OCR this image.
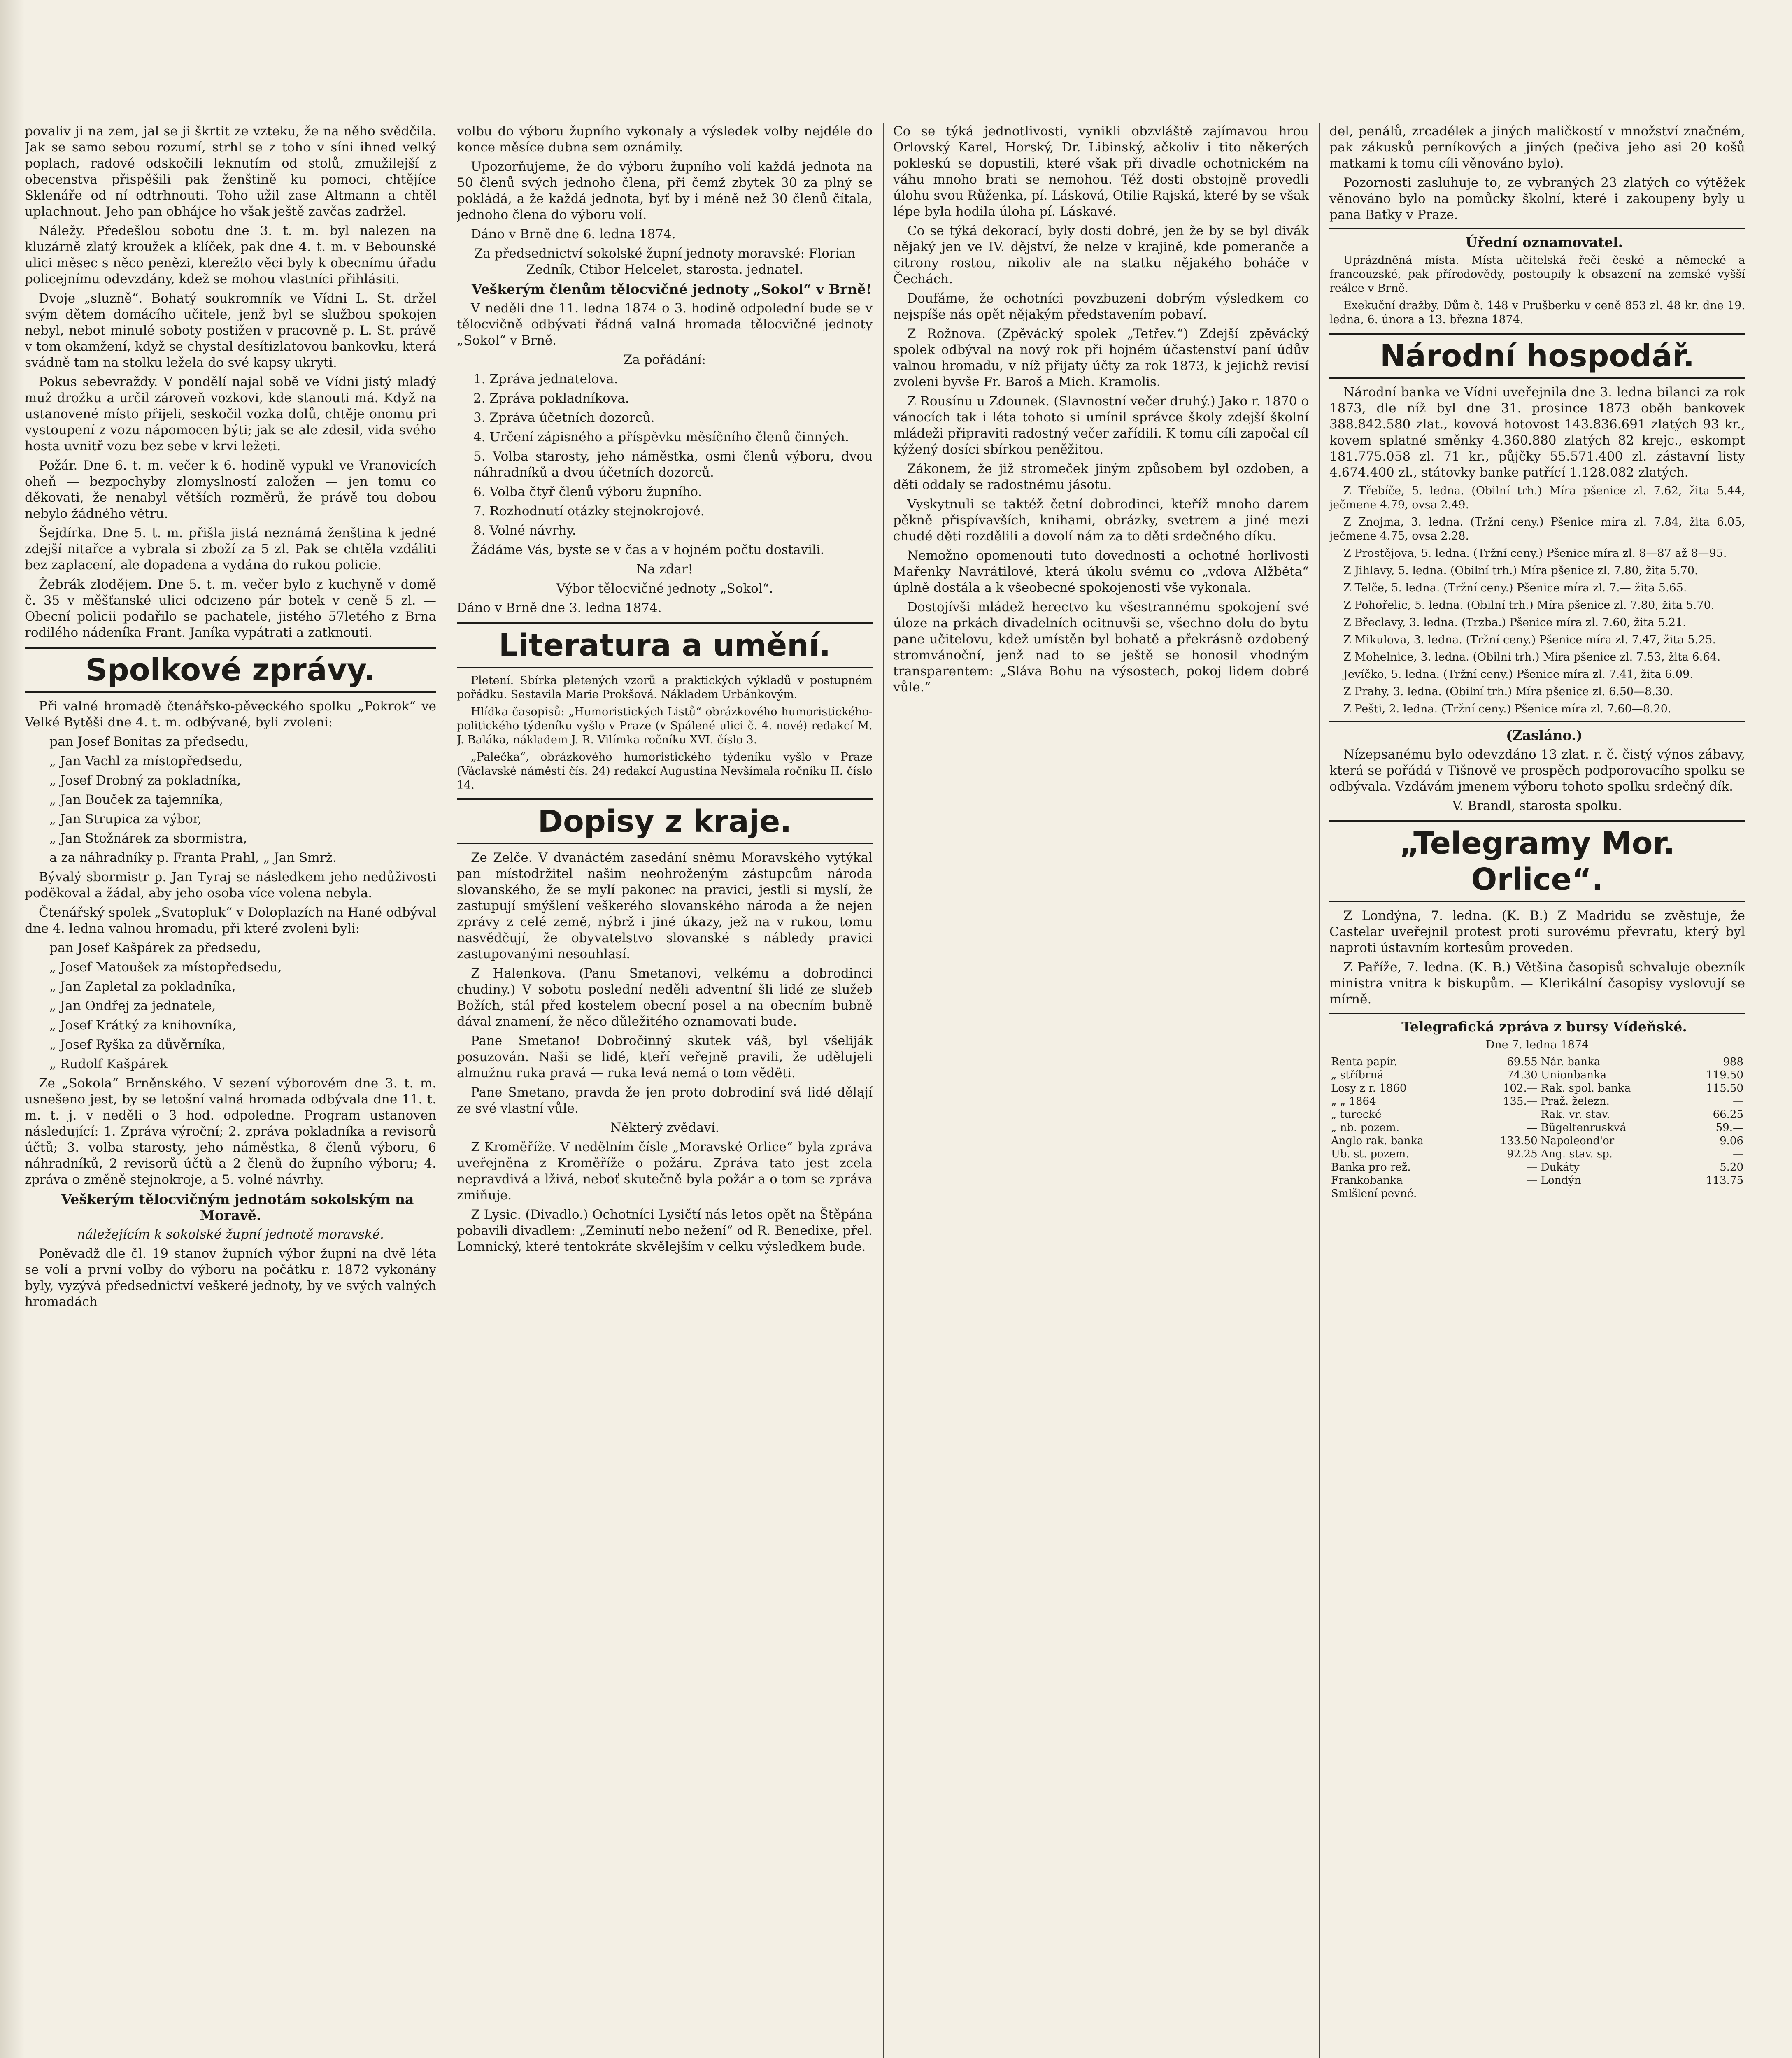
povaliv ji na zem, jal se ji škrtit ze vzteku, že na něho svědčila. Jak se samo sebou rozumí, strhl se z toho v síni ihned velký poplach, radové odskočili leknutím od stolů, zmužilejší z obecenstva přispěšili pak ženštině ku pomoci, chtějíce Sklenáře od ní odtrhnouti. Toho užil zase Altmann a chtěl uplachnout. Jeho pan obhájce ho však ještě zavčas zadržel.

Náležy. Předešlou sobotu dne 3. t. m. byl nalezen na kluzárně zlatý kroužek a klíček, pak dne 4. t. m. v Bebounské ulici měsec s něco penězi, kterežto věci byly k obecnímu úřadu policejnímu odevzdány, kdež se mohou vlastníci přihlásiti.

Dvoje „sluzně“. Bohatý soukromník ve Vídni L. St. držel svým dětem domácího učitele, jenž byl se službou spokojen nebyl, nebot minulé soboty postižen v pracovně p. L. St. právě v tom okamžení, když se chystal desítizlatovou bankovku, která svádně tam na stolku ležela do své kapsy ukryti.

Pokus sebevraždy. V pondělí najal sobě ve Vídni jistý mladý muž drožku a určil zároveň vozkovi, kde stanouti má. Když na ustanovené místo přijeli, seskočil vozka dolů, chtěje onomu pri vystoupení z vozu nápomocen býti; jak se ale zdesil, vida svého hosta uvnitř vozu bez sebe v krvi ležeti.

Požár. Dne 6. t. m. večer k 6. hodině vypukl ve Vranovicích oheň — bezpochyby zlomyslností založen — jen tomu co děkovati, že nenabyl větších rozměrů, že právě tou dobou nebylo žádného větru.

Šejdírka. Dne 5. t. m. přišla jistá neznámá ženština k jedné zdejší nitařce a vybrala si zboží za 5 zl. Pak se chtěla vzdáliti bez zaplacení, ale dopadena a vydána do rukou policie.

Žebrák zlodějem. Dne 5. t. m. večer bylo z kuchyně v domě č. 35 v měšťanské ulici odcizeno pár botek v ceně 5 zl. — Obecní policii podařilo se pachatele, jistého 57letého z Brna rodilého nádeníka Frant. Janíka vypátrati a zatknouti.

Spolkové zprávy.

Při valné hromadě čtenářsko-pěveckého spolku „Pokrok“ ve Velké Bytěši dne 4. t. m. odbývané, byli zvoleni:

pan Josef Bonitas za předsedu,

„ Jan Vachl za místopředsedu,

„ Josef Drobný za pokladníka,

„ Jan Bouček za tajemníka,

„ Jan Strupica za výbor,

„ Jan Stožnárek za sbormistra,

a za náhradníky p. Franta Prahl, „ Jan Smrž.

Bývalý sbormistr p. Jan Tyraj se následkem jeho nedůživosti poděkoval a žádal, aby jeho osoba více volena nebyla.

Čtenářský spolek „Svatopluk“ v Doloplazích na Hané odbýval dne 4. ledna valnou hromadu, při které zvoleni byli:

pan Josef Kašpárek za předsedu,

„ Josef Matoušek za místopředsedu,

„ Jan Zapletal za pokladníka,

„ Jan Ondřej za jednatele,

„ Josef Krátký za knihovníka,

„ Josef Ryška za důvěrníka,

„ Rudolf Kašpárek

Ze „Sokola“ Brněnského. V sezení výborovém dne 3. t. m. usnešeno jest, by se letošní valná hromada odbývala dne 11. t. m. t. j. v neděli o 3 hod. odpoledne. Program ustanoven následující: 1. Zpráva výroční; 2. zpráva pokladníka a revisorů účtů; 3. volba starosty, jeho náměstka, 8 členů výboru, 6 náhradníků, 2 revisorů účtů a 2 členů do župního výboru; 4. zpráva o změně stejnokroje, a 5. volné návrhy.

Veškerým tělocvičným jednotám sokolským na Moravě.

náležejícím k sokolské župní jednotě moravské.

Poněvadž dle čl. 19 stanov župních výbor župní na dvě léta se volí a první volby do výboru na počátku r. 1872 vykonány byly, vyzývá předsednictví veškeré jednoty, by ve svých valných hromadách

volbu do výboru župního vykonaly a výsledek volby nejdéle do konce měsíce dubna sem oznámily.

Upozorňujeme, že do výboru župního volí každá jednota na 50 členů svých jednoho člena, při čemž zbytek 30 za plný se pokládá, a že každá jednota, byť by i méně než 30 členů čítala, jednoho člena do výboru volí.

Dáno v Brně dne 6. ledna 1874.

Za předsednictví sokolské župní jednoty moravské: Florian Zedník, Ctibor Helcelet, starosta. jednatel.

Veškerým členům tělocvičné jednoty „Sokol“ v Brně!

V neděli dne 11. ledna 1874 o 3. hodině odpolední bude se v tělocvičně odbývati řádná valná hromada tělocvičné jednoty „Sokol“ v Brně.

Za pořádání:

1. Zpráva jednatelova.

2. Zpráva pokladníkova.

3. Zpráva účetních dozorců.

4. Určení zápisného a příspěvku měsíčního členů činných.

5. Volba starosty, jeho náměstka, osmi členů výboru, dvou náhradníků a dvou účetních dozorců.

6. Volba čtyř členů výboru župního.

7. Rozhodnutí otázky stejnokrojové.

8. Volné návrhy.

Žádáme Vás, byste se v čas a v hojném počtu dostavili.

Na zdar!

Výbor tělocvičné jednoty „Sokol“.

Dáno v Brně dne 3. ledna 1874.

Literatura a umění.

Pletení. Sbírka pletených vzorů a praktických výkladů v postupném pořádku. Sestavila Marie Prokšová. Nákladem Urbánkovým.

Hlídka časopisů: „Humoristických Listů“ obrázkového humoristického-politického týdeníku vyšlo v Praze (v Spálené ulici č. 4. nové) redakcí M. J. Baláka, nákladem J. R. Vilímka ročníku XVI. číslo 3.

„Palečka“, obrázkového humoristického týdeníku vyšlo v Praze (Václavské náměstí čís. 24) redakcí Augustina Nevšímala ročníku II. číslo 14.

Dopisy z kraje.

Ze Zelče. V dvanáctém zasedání sněmu Moravského vytýkal pan místodržitel našim neohroženým zástupcům národa slovanského, že se mylí pakonec na pravici, jestli si myslí, že zastupují smýšlení veškerého slovanského národa a že nejen zprávy z celé země, nýbrž i jiné úkazy, jež na v rukou, tomu nasvědčují, že obyvatelstvo slovanské s nábledy pravici zastupovanými nesouhlasí.

Z Halenkova. (Panu Smetanovi, velkému a dobrodinci chudiny.) V sobotu poslední neděli adventní šli lidé ze služeb Božích, stál před kostelem obecní posel a na obecním bubně dával znamení, že něco důležitého oznamovati bude.

Pane Smetano! Dobročinný skutek váš, byl všeliják posuzován. Naši se lidé, kteří veřejně pravili, že udělujeli almužnu ruka pravá — ruka levá nemá o tom věděti.

Pane Smetano, pravda že jen proto dobrodiní svá lidé dělají ze své vlastní vůle.

Některý zvědaví.

Z Kroměříže. V nedělním čísle „Moravské Orlice“ byla zpráva uveřejněna z Kroměříže o požáru. Zpráva tato jest zcela nepravdivá a lživá, neboť skutečně byla požár a o tom se zpráva zmiňuje.

Z Lysic. (Divadlo.) Ochotníci Lysičtí nás letos opět na Štěpána pobavili divadlem: „Zeminutí nebo nežení“ od R. Benedixe, přel. Lomnický, které tentokráte skvělejším v celku výsledkem bude.

Co se týká jednotlivosti, vynikli obzvláště zajímavou hrou Orlovský Karel, Horský, Dr. Libinský, ačkoliv i tito někerých pokleskú se dopustili, které však při divadle ochotnickém na váhu mnoho brati se nemohou. Též dosti obstojně provedli úlohu svou Růženka, pí. Lásková, Otilie Rajská, které by se však lépe byla hodila úloha pí. Láskavé.

Co se týká dekorací, byly dosti dobré, jen že by se byl divák nějaký jen ve IV. dějství, že nelze v krajině, kde pomeranče a citrony rostou, nikoliv ale na statku nějakého boháče v Čechách.

Doufáme, že ochotníci povzbuzeni dobrým výsledkem co nejspíše nás opět nějakým představením pobaví.

Z Rožnova. (Zpěvácký spolek „Tetřev.“) Zdejší zpěvácký spolek odbýval na nový rok při hojném účastenství paní údův valnou hromadu, v níž přijaty účty za rok 1873, k jejichž revisí zvoleni byvše Fr. Baroš a Mich. Kramolis.

Z Rousínu u Zdounek. (Slavnostní večer druhý.) Jako r. 1870 o vánocích tak i léta tohoto si umínil správce školy zdejší školní mládeži připraviti radostný večer zařídili. K tomu cíli započal cíl kýžený dosíci sbírkou peněžitou.

Zákonem, že již stromeček jiným způsobem byl ozdoben, a děti oddaly se radostnému jásotu.

Vyskytnuli se taktéž četní dobrodinci, kteříž mnoho darem pěkně přispívavších, knihami, obrázky, svetrem a jiné mezi chudé děti rozdělili a dovolí nám za to děti srdečného díku.

Nemožno opomenouti tuto dovednosti a ochotné horlivosti Mařenky Navrátilové, která úkolu svému co „vdova Alžběta“ úplně dostála a k všeobecné spokojenosti vše vykonala.

Dostojívši mládež herectvo ku všestrannému spokojení své úloze na prkách divadelních ocitnuvši se, všechno dolu do bytu pane učitelovu, kdež umístěn byl bohatě a překrásně ozdobený stromvánoční, jenž nad to se ještě se honosil vhodným transparentem: „Sláva Bohu na výsostech, pokoj lidem dobré vůle.“

del, penálů, zrcadélek a jiných maličkostí v množství značném, pak zákusků perníkových a jiných (pečiva jeho asi 20 košů matkami k tomu cíli věnováno bylo).

Pozornosti zasluhuje to, ze vybraných 23 zlatých co výtěžek věnováno bylo na pomůcky školní, které i zakoupeny byly u pana Batky v Praze.

Úřední oznamovatel.

Uprázdněná místa. Místa učitelská řeči české a německé a francouzské, pak přírodovědy, postoupily k obsazení na zemské vyšší reálce v Brně.

Exekuční dražby. Dům č. 148 v Prušberku v ceně 853 zl. 48 kr. dne 19. ledna, 6. února a 13. března 1874.

Národní hospodář.

Národní banka ve Vídni uveřejnila dne 3. ledna bilanci za rok 1873, dle níž byl dne 31. prosince 1873 oběh bankovek 388.842.580 zlat., kovová hotovost 143.836.691 zlatých 93 kr., kovem splatné směnky 4.360.880 zlatých 82 krejc., eskompt 181.775.058 zl. 71 kr., půjčky 55.571.400 zl. zástavní listy 4.674.400 zl., státovky banke patřící 1.128.082 zlatých.

Z Třebíče, 5. ledna. (Obilní trh.) Míra pšenice zl. 7.62, žita 5.44, ječmene 4.79, ovsa 2.49.

Z Znojma, 3. ledna. (Tržní ceny.) Pšenice míra zl. 7.84, žita 6.05, ječmene 4.75, ovsa 2.28.

Z Prostějova, 5. ledna. (Tržní ceny.) Pšenice míra zl. 8—87 až 8—95.

Z Jihlavy, 5. ledna. (Obilní trh.) Míra pšenice zl. 7.80, žita 5.70.

Z Telče, 5. ledna. (Tržní ceny.) Pšenice míra zl. 7.— žita 5.65.

Z Pohořelic, 5. ledna. (Obilní trh.) Míra pšenice zl. 7.80, žita 5.70.

Z Břeclavy, 3. ledna. (Trzba.) Pšenice míra zl. 7.60, žita 5.21.

Z Mikulova, 3. ledna. (Tržní ceny.) Pšenice míra zl. 7.47, žita 5.25.

Z Mohelnice, 3. ledna. (Obilní trh.) Míra pšenice zl. 7.53, žita 6.64.

Jevíčko, 5. ledna. (Tržní ceny.) Pšenice míra zl. 7.41, žita 6.09.

Z Prahy, 3. ledna. (Obilní trh.) Míra pšenice zl. 6.50—8.30.

Z Pešti, 2. ledna. (Tržní ceny.) Pšenice míra zl. 7.60—8.20.

(Zasláno.)

Nízepsanému bylo odevzdáno 13 zlat. r. č. čistý výnos zábavy, která se pořádá v Tišnově ve prospěch podporovacího spolku se odbývala. Vzdávám jmenem výboru tohoto spolku srdečný dík.

V. Brandl, starosta spolku.

„Telegramy Mor. Orlice“.

Z Londýna, 7. ledna. (K. B.) Z Madridu se zvěstuje, že Castelar uveřejnil protest proti surovému převratu, který byl naproti ústavním kortesům proveden.

Z Paříže, 7. ledna. (K. B.) Většina časopisů schvaluje obezník ministra vnitra k biskupům. — Klerikální časopisy vyslovují se mírně.

Telegrafická zpráva z bursy Vídeňské.

Dne 7. ledna 1874

Renta papír.	69.55	Nár. banka	988
„ stříbrná	74.30	Unionbanka	119.50
Losy z r. 1860	102.—	Rak. spol. banka	115.50
„ „ 1864	135.—	Praž. železn.	—
„ turecké	—	Rak. vr. stav.	66.25
„ nb. pozem.	—	Bügeltenruskvá	59.—
Anglo rak. banka	133.50	Napoleond'or	9.06
Ub. st. pozem.	92.25	Ang. stav. sp.	—
Banka pro rež.	—	Dukáty	5.20
Frankobanka	—	Londýn	113.75
Smlšlení pevné.	—		
